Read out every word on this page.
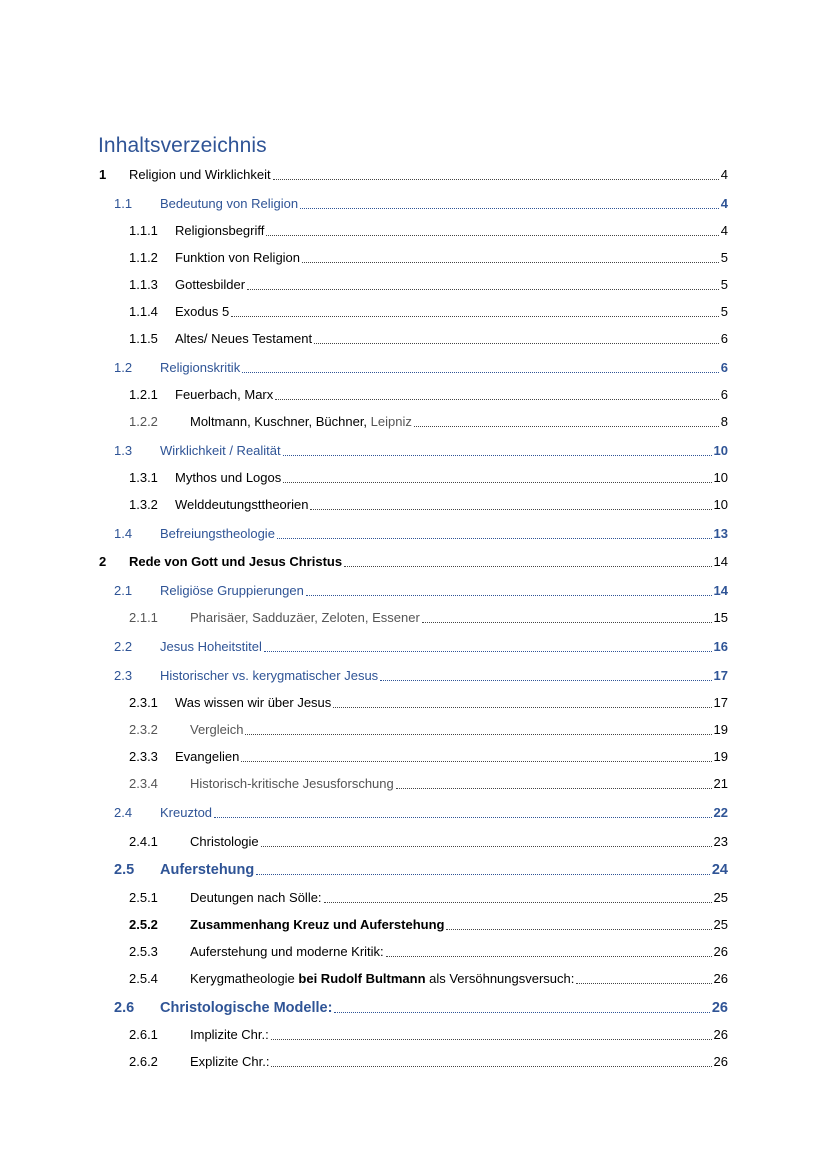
Inhaltsverzeichnis
1 Religion und Wirklichkeit	4
1.1 Bedeutung von Religion	4
1.1.1 Religionsbegriff	4
1.1.2 Funktion von Religion	5
1.1.3 Gottesbilder	5
1.1.4 Exodus 5	5
1.1.5 Altes/ Neues Testament	6
1.2 Religionskritik	6
1.2.1 Feuerbach, Marx	6
1.2.2 Moltmann, Kuschner, Büchner, Leipniz	8
1.3 Wirklichkeit / Realität	10
1.3.1 Mythos und Logos	10
1.3.2 Welddeutungsttheorien	10
1.4 Befreiungstheologie	13
2 Rede von Gott und Jesus Christus	14
2.1 Religiöse Gruppierungen	14
2.1.1 Pharisäer, Sadduzäer, Zeloten, Essener	15
2.2 Jesus Hoheitstitel	16
2.3 Historischer vs. kerygmatischer Jesus	17
2.3.1 Was wissen wir über Jesus	17
2.3.2 Vergleich	19
2.3.3 Evangelien	19
2.3.4 Historisch-kritische Jesusforschung	21
2.4 Kreuztod	22
2.4.1 Christologie	23
2.5 Auferstehung	24
2.5.1 Deutungen nach Sölle:	25
2.5.2 Zusammenhang Kreuz und Auferstehung	25
2.5.3 Auferstehung und moderne Kritik:	26
2.5.4 Kerygmatheologie bei Rudolf Bultmann als Versöhnungsversuch:	26
2.6 Christologische Modelle:	26
2.6.1 Implizite Chr.:	26
2.6.2 Explizite Chr.:	26
